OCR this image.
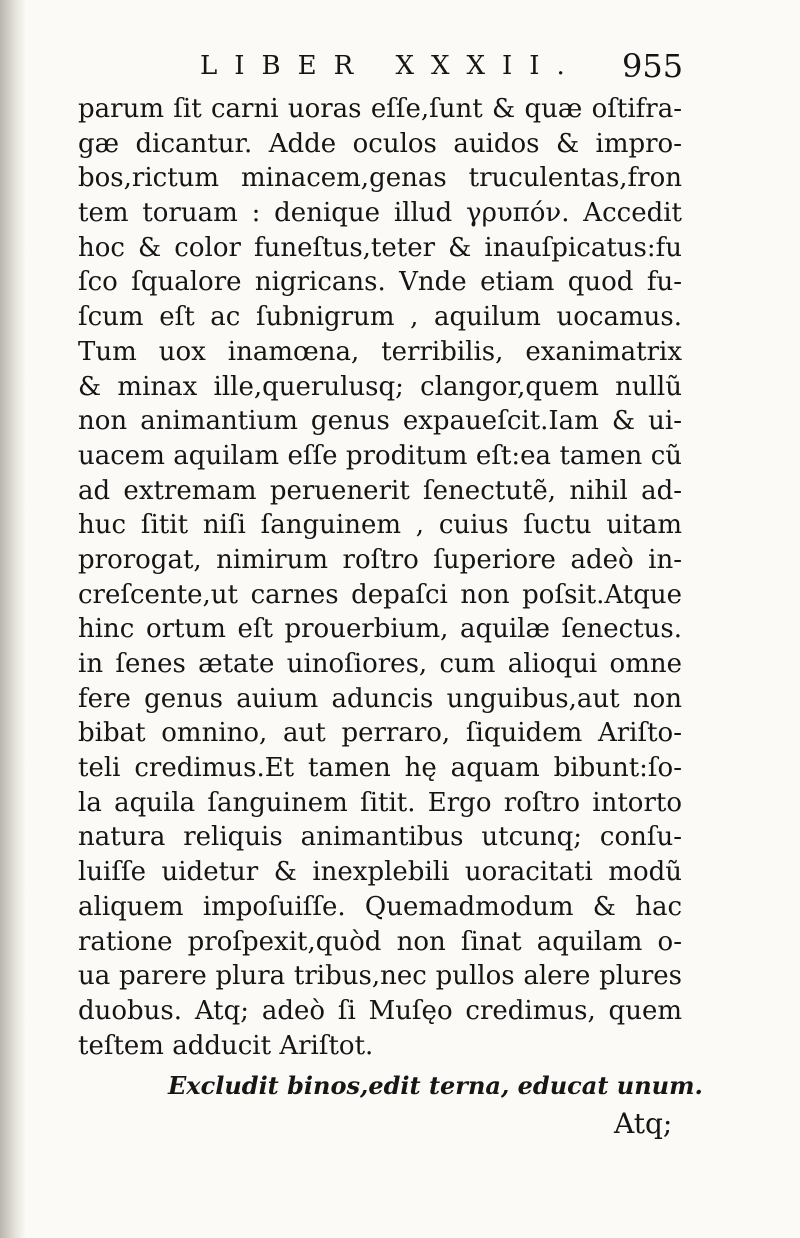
LIBER XXXII. 955
parum ſit carni uoras eſſe,ſunt & quæ oſtifra-
gæ dicantur. Adde oculos auidos & impro-
bos,rictum minacem,genas truculentas,fron
tem toruam : denique illud γρυπόν. Accedit
hoc & color funeſtus,teter & inauſpicatus:fu
ſco ſqualore nigricans. Vnde etiam quod fu-
ſcum eſt ac ſubnigrum , aquilum uocamus.
Tum uox inamœna, terribilis, exanimatrix
& minax ille,querulusq; clangor,quem nullũ
non animantium genus expaueſcit.Iam & ui-
uacem aquilam eſſe proditum eſt:ea tamen cũ
ad extremam peruenerit ſenectutẽ, nihil ad-
huc ſitit niſi ſanguinem , cuius ſuctu uitam
prorogat, nimirum roſtro ſuperiore adeò in-
creſcente,ut carnes depaſci non poſsit.Atque
hinc ortum eſt prouerbium, aquilæ ſenectus.
in ſenes ætate uinoſiores, cum alioqui omne
fere genus auium aduncis unguibus,aut non
bibat omnino, aut perraro, ſiquidem Ariſto-
teli credimus.Et tamen hę aquam bibunt:ſo-
la aquila ſanguinem ſitit. Ergo roſtro intorto
natura reliquis animantibus utcunq; conſu-
luiſſe uidetur & inexplebili uoracitati modũ
aliquem impoſuiſſe. Quemadmodum & hac
ratione proſpexit,quòd non ſinat aquilam o-
ua parere plura tribus,nec pullos alere plures
duobus. Atq; adeò ſi Muſęo credimus, quem
teſtem adducit Ariſtot.
Excludit binos,edit terna, educat unum.
Atq;
